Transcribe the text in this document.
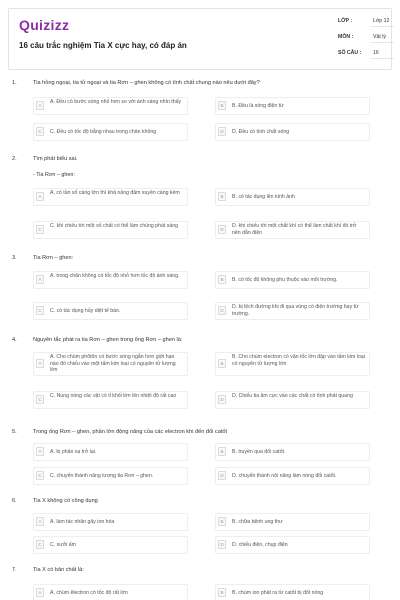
Quizizz
16 câu trắc nghiệm Tia X cực hay, có đáp án
LỚP :	Lớp 12
MÔN :	Vật lý
SỐ CÂU : 16
1.	Tia hồng ngoại, tia tử ngoại và tia Rơn – ghen không có tính chất chung nào nêu dưới đây?
A
A. Đều có bước sóng nhỏ hơn so với ánh sáng nhìn thấy
B	B. Đều là sóng điện từ
C	C. Đều có tốc độ bằng nhau trong chân không	D	D. Đều có tính chất sóng
2.	Tìm phát biểu sai.
- Tia Rơn – ghen:
A
A. có tần số càng lớn thì khả năng đâm xuyên càng kém
B	B. có tác dụng lên kính ảnh
C
C. khi chiếu tới một số chất có thể làm chúng phát sáng
D
D. khi chiếu tới một chất khí có thể làm chất khí đó trở nên dẫn điện
3.	Tia Rơn – ghen:
A
A. trong chân không có tốc độ nhỏ hơn tốc độ ánh sáng.
B	B. có tốc độ không phụ thuộc vào môi trường.
C	C. có tác dụng hủy diệt tế bào.	D
D. bị lệch đường khi đi qua vùng có điện trường hay từ trường.
4.	Nguyên tắc phát ra tia Rơn – ghen trong ống Rơn – ghen là:
A
A. Cho chùm phôtôn có bước sóng ngắn hơn giới hạn nào đó chiếu vào một tấm kim loại có nguyên tử lượng lớn
B
B. Cho chùm electron có vận tốc lớn đập vào tấm kim loại có nguyên tử lượng lớn
C
C. Nung nóng các vật có tỉ khối lớn lên nhiệt độ rất cao
D
D. Chiếu tia âm cực vào các chất có tính phát quang
5.	Trong ống Rơn – ghen, phần lớn động năng của các electron khi đến đối catốt
A	A. bị phản xạ trở lại.	B	B. truyền qua đối catốt.
C	C. chuyển thành năng lượng tia Rơn – ghen.	D	D. chuyển thành nội năng làm nóng đối catốt.
6.	Tia X không có công dụng
A	A. làm tác nhân gây ion hóa	B	B. chữa bệnh ung thư
C	C. sưởi ấm	D	D. chiếu điện, chụp điện
7.	Tia X có bản chất là:
A	A. chùm êlectron có tốc độ rất lớn	B	B. chùm ion phát ra từ catốt bị đốt nóng
